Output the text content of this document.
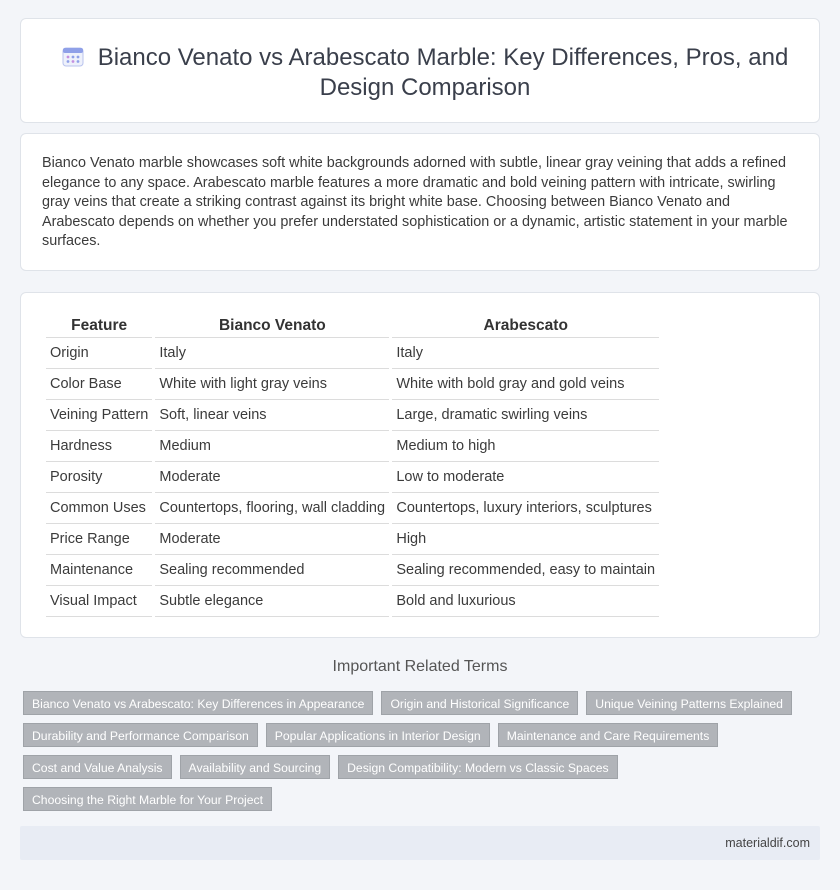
Bianco Venato vs Arabescato Marble: Key Differences, Pros, and Design Comparison
Bianco Venato marble showcases soft white backgrounds adorned with subtle, linear gray veining that adds a refined elegance to any space. Arabescato marble features a more dramatic and bold veining pattern with intricate, swirling gray veins that create a striking contrast against its bright white base. Choosing between Bianco Venato and Arabescato depends on whether you prefer understated sophistication or a dynamic, artistic statement in your marble surfaces.
Feature	Bianco Venato	Arabescato
Origin	Italy	Italy
Color Base	White with light gray veins	White with bold gray and gold veins
Veining Pattern	Soft, linear veins	Large, dramatic swirling veins
Hardness	Medium	Medium to high
Porosity	Moderate	Low to moderate
Common Uses	Countertops, flooring, wall cladding	Countertops, luxury interiors, sculptures
Price Range	Moderate	High
Maintenance	Sealing recommended	Sealing recommended, easy to maintain
Visual Impact	Subtle elegance	Bold and luxurious
Important Related Terms
Bianco Venato vs Arabescato: Key Differences in Appearance	Origin and Historical Significance	Unique Veining Patterns Explained
Durability and Performance Comparison	Popular Applications in Interior Design	Maintenance and Care Requirements
Cost and Value Analysis	Availability and Sourcing	Design Compatibility: Modern vs Classic Spaces
Choosing the Right Marble for Your Project
materialdif.com
